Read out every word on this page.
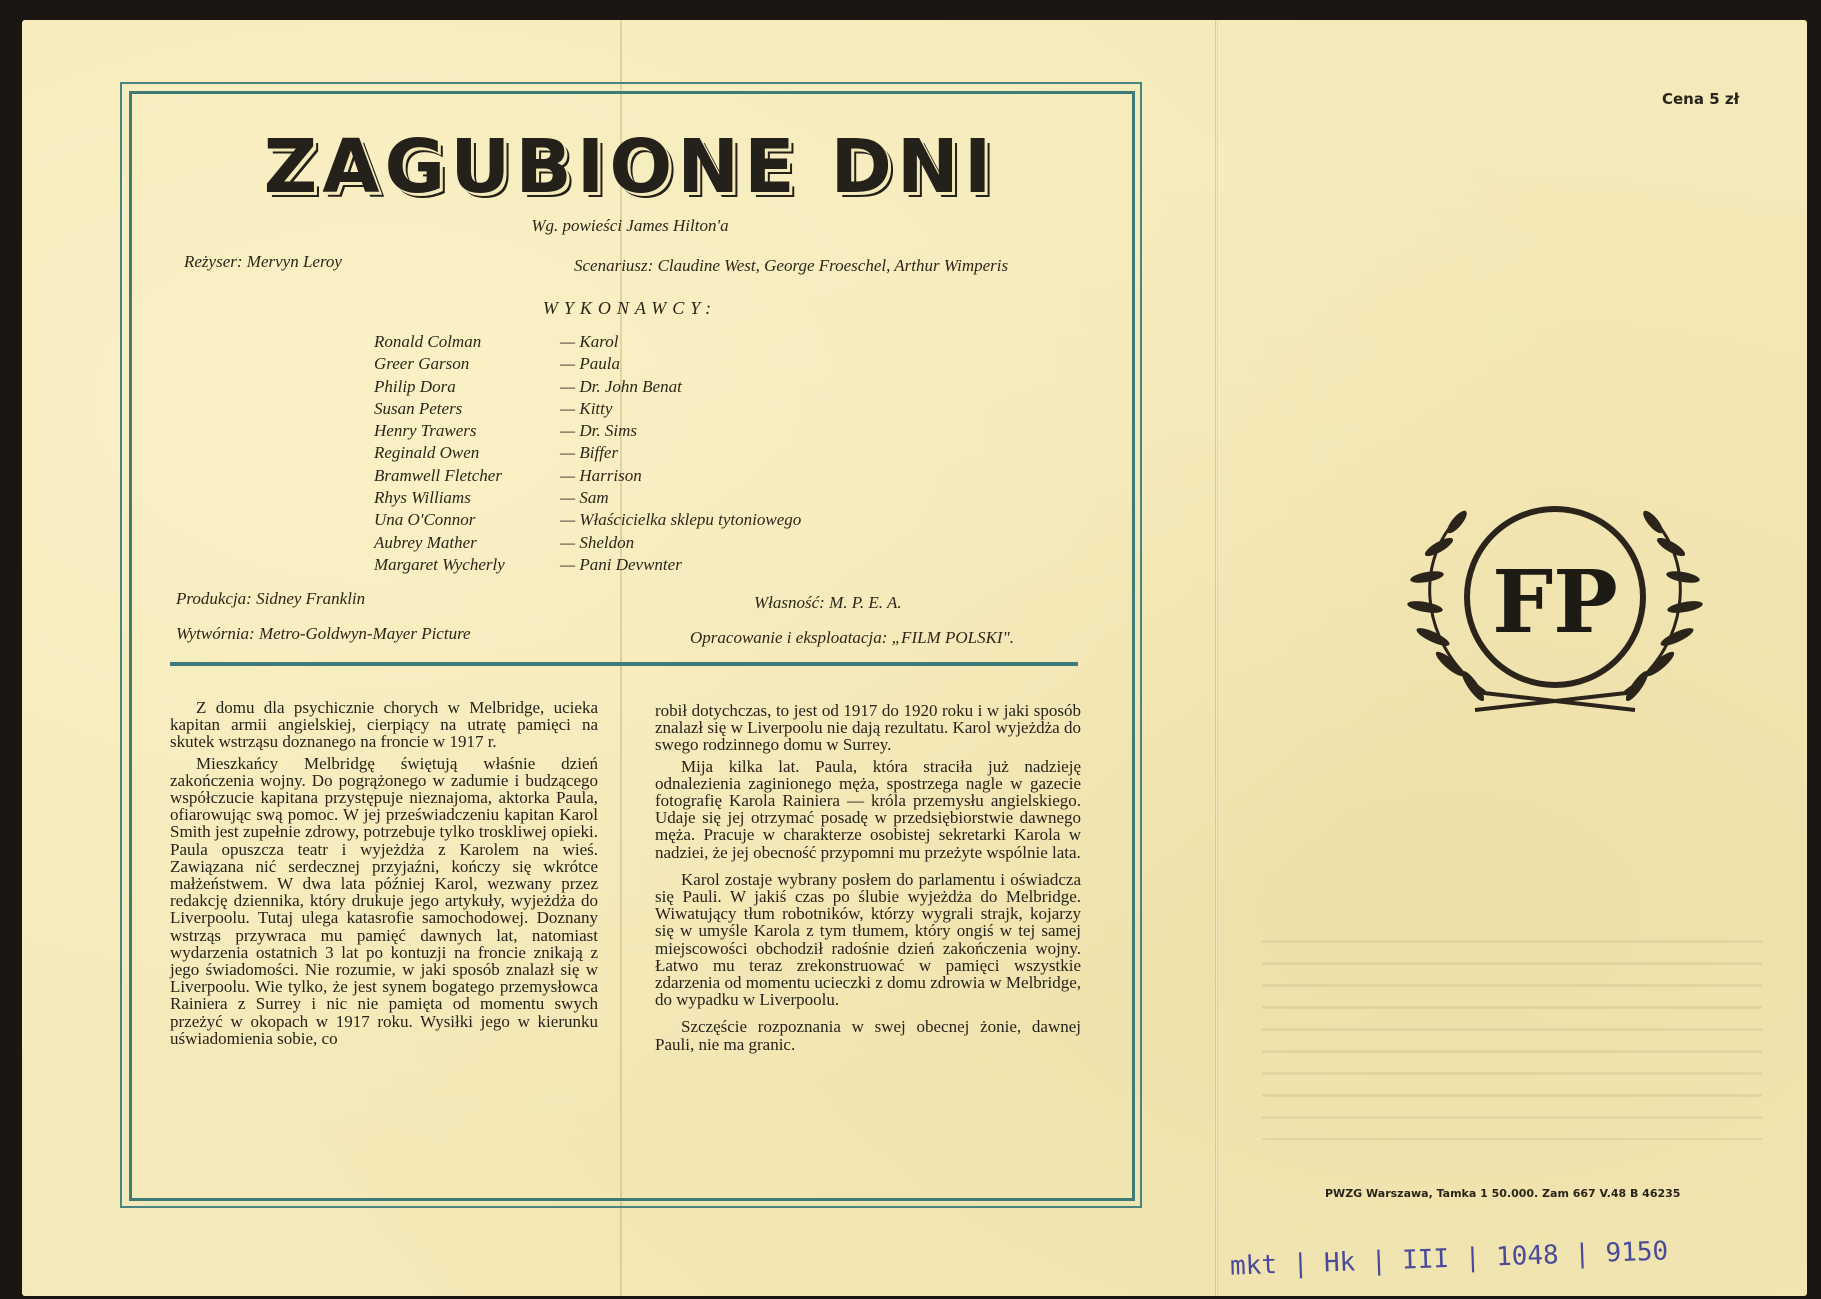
ZAGUBIONE DNI
Wg. powieści James Hilton'a
Reżyser: Mervyn Leroy	Scenariusz: Claudine West, George Froeschel, Arthur Wimperis
WYKONAWCY:
Ronald Colman	— Karol
Greer Garson	— Paula
Philip Dora	— Dr. John Benat
Susan Peters	— Kitty
Henry Trawers	— Dr. Sims
Reginald Owen	— Biffer
Bramwell Fletcher	— Harrison
Rhys Williams	— Sam
Una O'Connor	— Właścicielka sklepu tytoniowego
Aubrey Mather	— Sheldon
Margaret Wycherly	— Pani Devwnter
Produkcja: Sidney Franklin	Własność: M. P. E. A.
Wytwórnia: Metro-Goldwyn-Mayer Picture	Opracowanie i eksploatacja: „FILM POLSKI".

Z domu dla psychicznie chorych w Melbridge, ucieka kapitan armii angielskiej, cierpiący na utratę pamięci na skutek wstrząsu doznanego na froncie w 1917 r.

Mieszkańcy Melbridgę świętują właśnie dzień zakończenia wojny. Do pogrążonego w zadumie i budzącego współczucie kapitana przystępuje nieznajoma, aktorka Paula, ofiarowując swą pomoc. W jej przeświadczeniu kapitan Karol Smith jest zupełnie zdrowy, potrzebuje tylko troskliwej opieki. Paula opuszcza teatr i wyjeżdża z Karolem na wieś. Zawiązana nić serdecznej przyjaźni, kończy się wkrótce małżeństwem. W dwa lata później Karol, wezwany przez redakcję dziennika, który drukuje jego artykuły, wyjeżdża do Liverpoolu. Tutaj ulega katasrofie samochodowej. Doznany wstrząs przywraca mu pamięć dawnych lat, natomiast wydarzenia ostatnich 3 lat po kontuzji na froncie znikają z jego świadomości. Nie rozumie, w jaki sposób znalazł się w Liverpoolu. Wie tylko, że jest synem bogatego przemysłowca Rainiera z Surrey i nic nie pamięta od momentu swych przeżyć w okopach w 1917 roku. Wysiłki jego w kierunku uświadomienia sobie, co

robił dotychczas, to jest od 1917 do 1920 roku i w jaki sposób znalazł się w Liverpoolu nie dają rezultatu. Karol wyjeżdża do swego rodzinnego domu w Surrey.

Mija kilka lat. Paula, która straciła już nadzieję odnalezienia zaginionego męża, spostrzega nagle w gazecie fotografię Karola Rainiera — króla przemysłu angielskiego. Udaje się jej otrzymać posadę w przedsiębiorstwie dawnego męża. Pracuje w charakterze osobistej sekretarki Karola w nadziei, że jej obecność przypomni mu przeżyte wspólnie lata.

Karol zostaje wybrany posłem do parlamentu i oświadcza się Pauli. W jakiś czas po ślubie wyjeżdża do Melbridge. Wiwatujący tłum robotników, którzy wygrali strajk, kojarzy się w umyśle Karola z tym tłumem, który ongiś w tej samej miejscowości obchodził radośnie dzień zakończenia wojny. Łatwo mu teraz zrekonstruować w pamięci wszystkie zdarzenia od momentu ucieczki z domu zdrowia w Melbridge, do wypadku w Liverpoolu.

Szczęście rozpoznania w swej obecnej żonie, dawnej Pauli, nie ma granic.

Cena 5 zł
FP
PWZG Warszawa, Tamka 1 50.000. Zam 667 V.48 B 46235
mkt | Hk | III | 1048 | 9150
